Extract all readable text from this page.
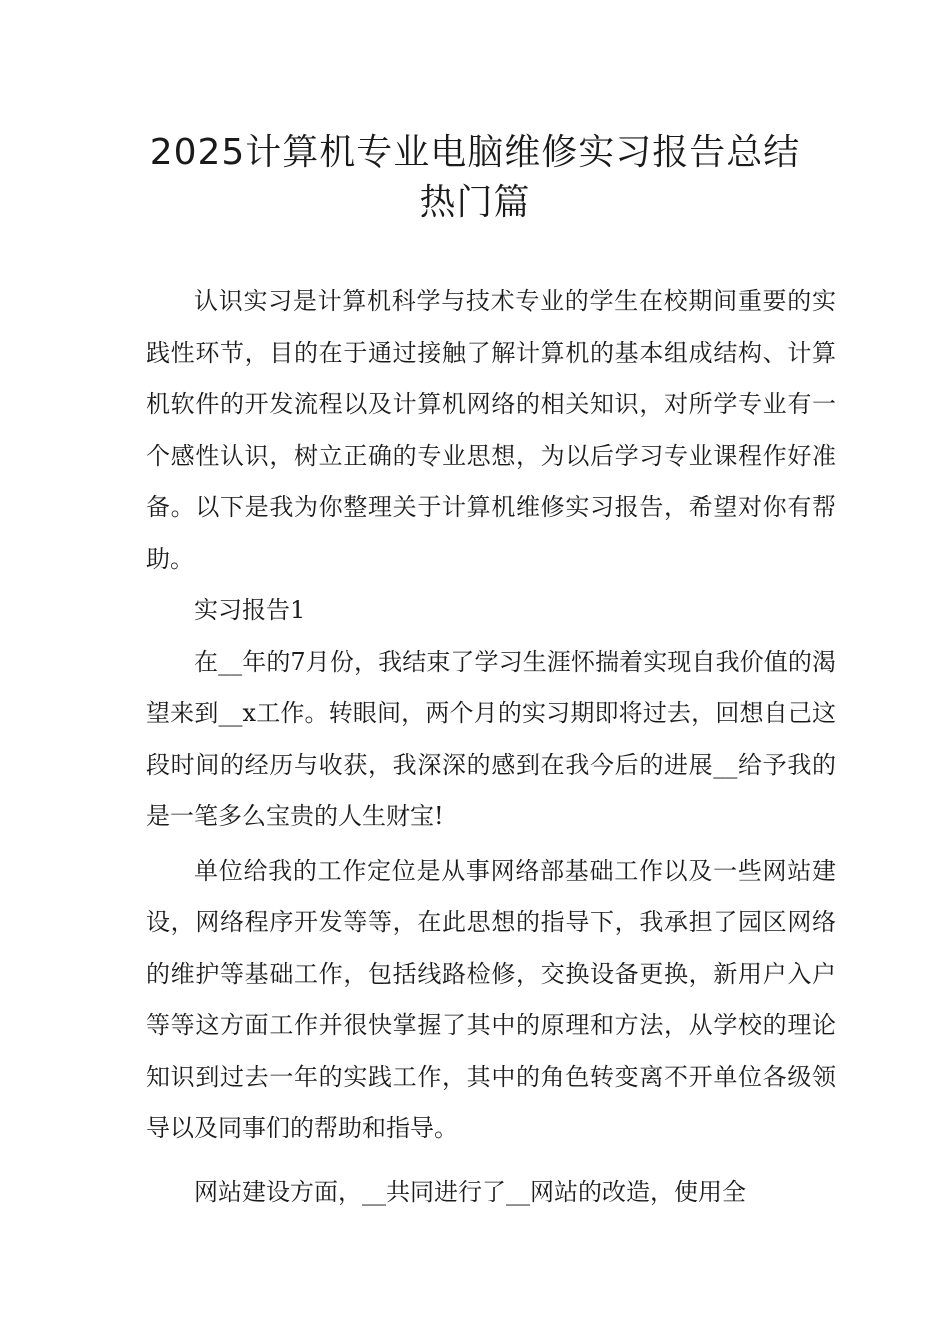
2025计算机专业电脑维修实习报告总结
热门篇

认识实习是计算机科学与技术专业的学生在校期间重要的实践性环节，目的在于通过接触了解计算机的基本组成结构、计算机软件的开发流程以及计算机网络的相关知识，对所学专业有一个感性认识，树立正确的专业思想，为以后学习专业课程作好准备。以下是我为你整理关于计算机维修实习报告，希望对你有帮助。

实习报告1

在__年的7月份，我结束了学习生涯怀揣着实现自我价值的渴望来到__x工作。转眼间，两个月的实习期即将过去，回想自己这段时间的经历与收获，我深深的感到在我今后的进展__给予我的是一笔多么宝贵的人生财宝!

单位给我的工作定位是从事网络部基础工作以及一些网站建设，网络程序开发等等，在此思想的指导下，我承担了园区网络的维护等基础工作，包括线路检修，交换设备更换，新用户入户等等这方面工作并很快掌握了其中的原理和方法，从学校的理论知识到过去一年的实践工作，其中的角色转变离不开单位各级领导以及同事们的帮助和指导。

网站建设方面，__共同进行了__网站的改造，使用全
